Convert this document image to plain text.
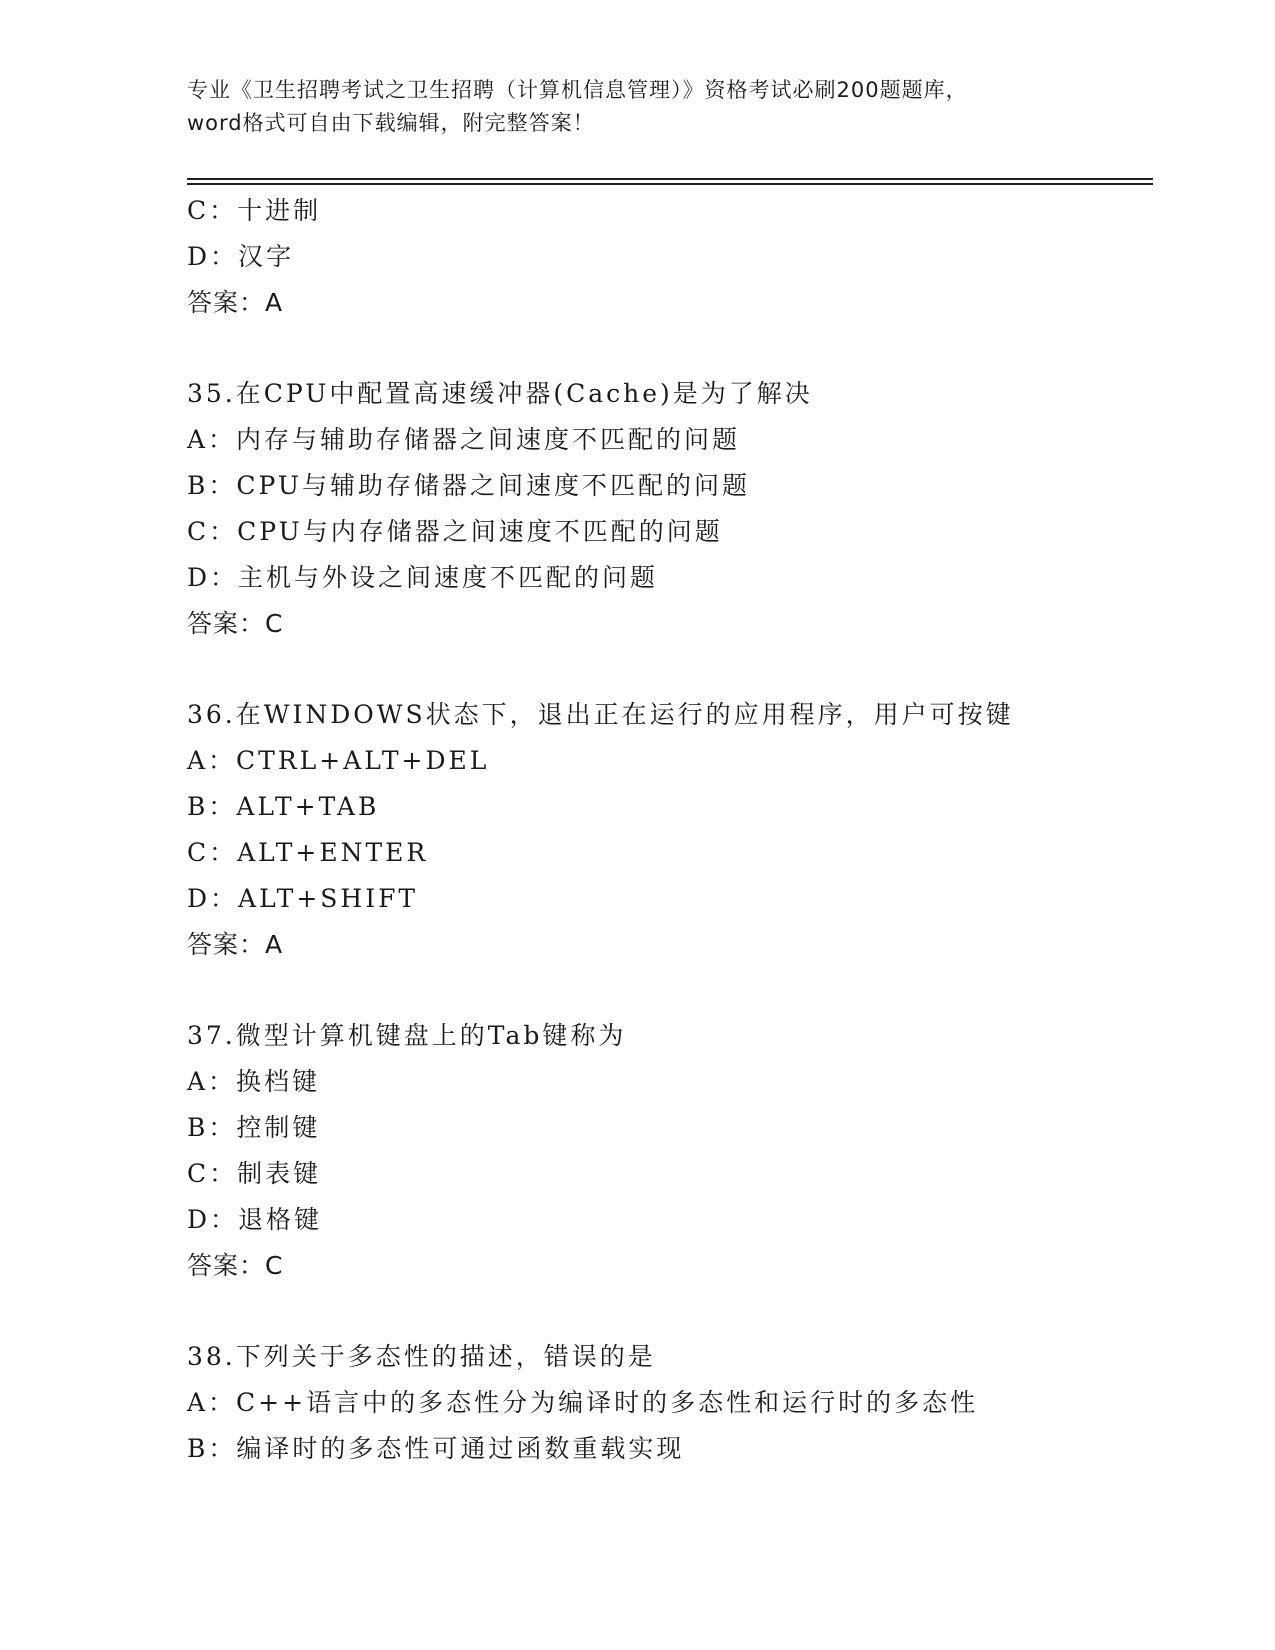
专业《卫生招聘考试之卫生招聘（计算机信息管理）》资格考试必刷200题题库，
word格式可自由下载编辑，附完整答案！
C：十进制
D：汉字
答案：A
35.在CPU中配置高速缓冲器(Cache)是为了解决
A：内存与辅助存储器之间速度不匹配的问题
B：CPU与辅助存储器之间速度不匹配的问题
C：CPU与内存储器之间速度不匹配的问题
D：主机与外设之间速度不匹配的问题
答案：C
36.在WINDOWS状态下，退出正在运行的应用程序，用户可按键
A：CTRL+ALT+DEL
B：ALT+TAB
C：ALT+ENTER
D：ALT+SHIFT
答案：A
37.微型计算机键盘上的Tab键称为
A：换档键
B：控制键
C：制表键
D：退格键
答案：C
38.下列关于多态性的描述，错误的是
A：C++语言中的多态性分为编译时的多态性和运行时的多态性
B：编译时的多态性可通过函数重载实现
